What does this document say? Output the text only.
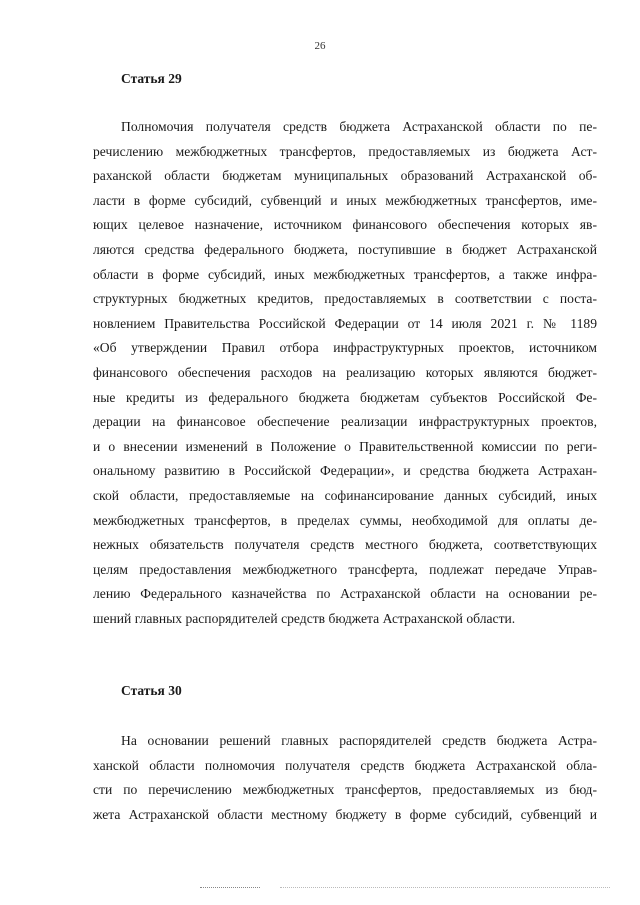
26
Статья 29
Полномочия получателя средств бюджета Астраханской области по пе-
речислению межбюджетных трансфертов, предоставляемых из бюджета Аст-
раханской области бюджетам муниципальных образований Астраханской об-
ласти в форме субсидий, субвенций и иных межбюджетных трансфертов, име-
ющих целевое назначение, источником финансового обеспечения которых яв-
ляются средства федерального бюджета, поступившие в бюджет Астраханской
области в форме субсидий, иных межбюджетных трансфертов, а также инфра-
структурных бюджетных кредитов, предоставляемых в соответствии с поста-
новлением Правительства Российской Федерации от 14 июля 2021 г. № 1189
«Об утверждении Правил отбора инфраструктурных проектов, источником
финансового обеспечения расходов на реализацию которых являются бюджет-
ные кредиты из федерального бюджета бюджетам субъектов Российской Фе-
дерации на финансовое обеспечение реализации инфраструктурных проектов,
и о внесении изменений в Положение о Правительственной комиссии по реги-
ональному развитию в Российской Федерации», и средства бюджета Астрахан-
ской области, предоставляемые на софинансирование данных субсидий, иных
межбюджетных трансфертов, в пределах суммы, необходимой для оплаты де-
нежных обязательств получателя средств местного бюджета, соответствующих
целям предоставления межбюджетного трансферта, подлежат передаче Управ-
лению Федерального казначейства по Астраханской области на основании ре-
шений главных распорядителей средств бюджета Астраханской области.
Статья 30
На основании решений главных распорядителей средств бюджета Астра-
ханской области полномочия получателя средств бюджета Астраханской обла-
сти по перечислению межбюджетных трансфертов, предоставляемых из бюд-
жета Астраханской области местному бюджету в форме субсидий, субвенций и
